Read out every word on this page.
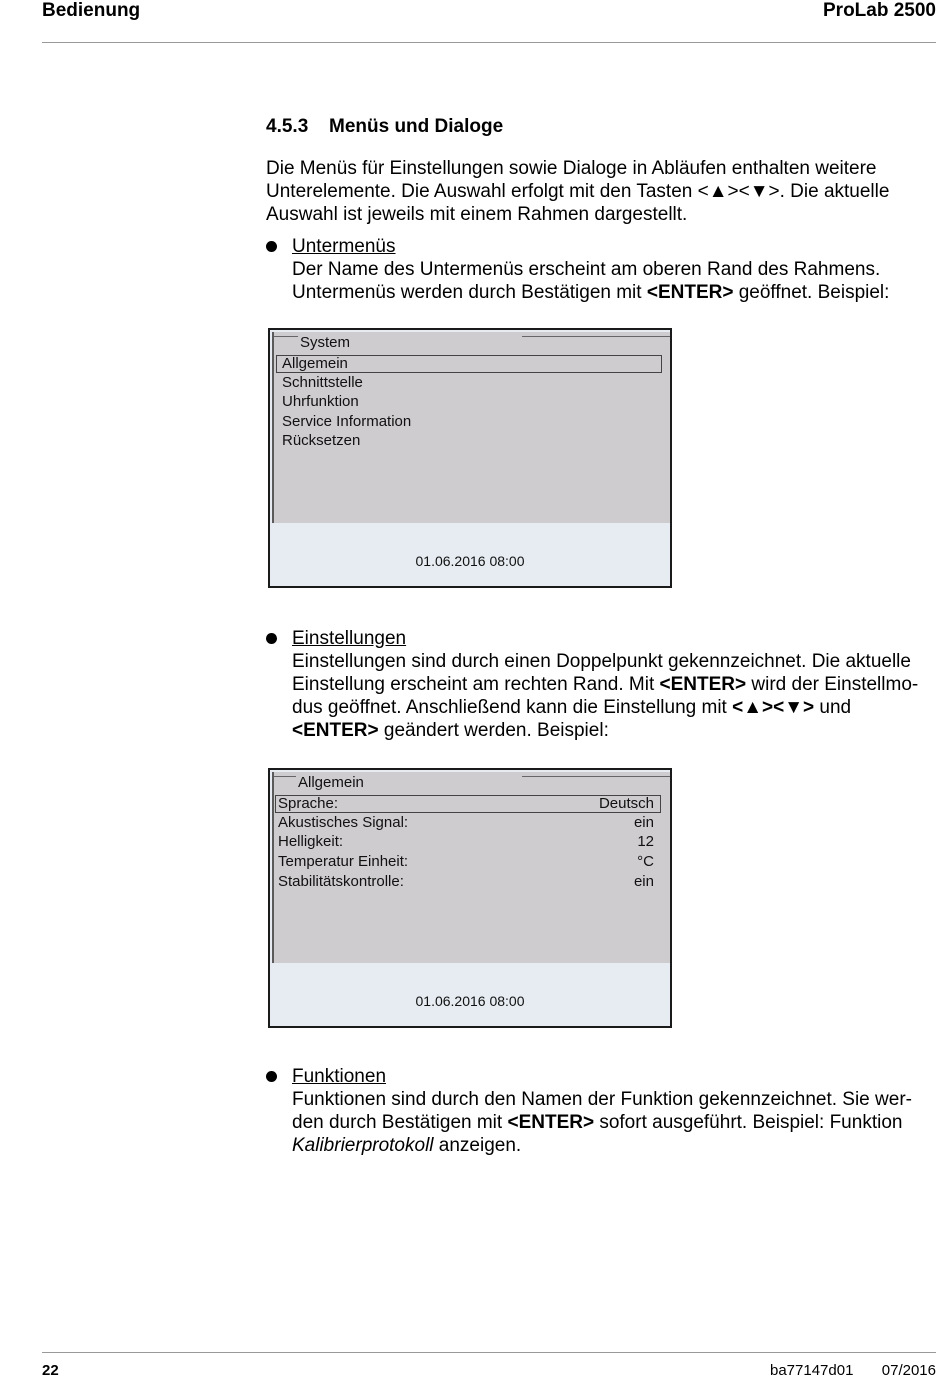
Bedienung	ProLab 2500
4.5.3 Menüs und Dialoge
Die Menüs für Einstellungen sowie Dialoge in Abläufen enthalten weitere
Unterelemente. Die Auswahl erfolgt mit den Tasten <▲><▼>. Die aktuelle
Auswahl ist jeweils mit einem Rahmen dargestellt.
Untermenüs
Der Name des Untermenüs erscheint am oberen Rand des Rahmens.
Untermenüs werden durch Bestätigen mit <ENTER> geöffnet. Beispiel:
System
Allgemein
Schnittstelle
Uhrfunktion
Service Information
Rücksetzen
01.06.2016 08:00
Einstellungen
Einstellungen sind durch einen Doppelpunkt gekennzeichnet. Die aktuelle
Einstellung erscheint am rechten Rand. Mit <ENTER> wird der Einstellmo-
dus geöffnet. Anschließend kann die Einstellung mit <▲><▼> und
<ENTER> geändert werden. Beispiel:
Allgemein
Sprache:	Deutsch
Akustisches Signal:	ein
Helligkeit:	12
Temperatur Einheit:	°C
Stabilitätskontrolle:	ein
01.06.2016 08:00
Funktionen
Funktionen sind durch den Namen der Funktion gekennzeichnet. Sie wer-
den durch Bestätigen mit <ENTER> sofort ausgeführt. Beispiel: Funktion
Kalibrierprotokoll anzeigen.
22	ba77147d01 07/2016
